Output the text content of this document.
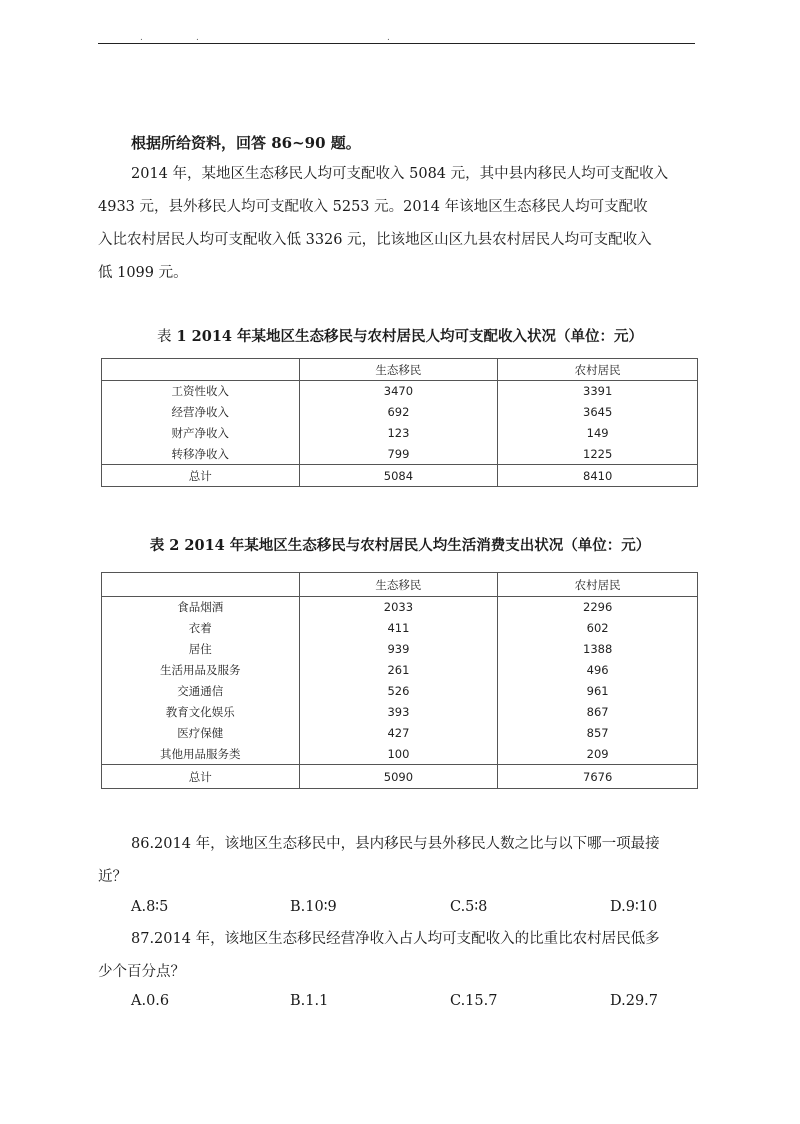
.	.	.
根据所给资料，回答 86~90 题。

2014 年，某地区生态移民人均可支配收入 5084 元，其中县内移民人均可支配收入

4933 元，县外移民人均可支配收入 5253 元。2014 年该地区生态移民人均可支配收

入比农村居民人均可支配收入低 3326 元，比该地区山区九县农村居民人均可支配收入

低 1099 元。

表 1 2014 年某地区生态移民与农村居民人均可支配收入状况（单位：元）
	生态移民	农村居民
工资性收入	3470	3391
经营净收入	692	3645
财产净收入	123	149
转移净收入	799	1225
总计	5084	8410
表 2 2014 年某地区生态移民与农村居民人均生活消费支出状况（单位：元）
	生态移民	农村居民
食品烟酒	2033	2296
衣着	411	602
居住	939	1388
生活用品及服务	261	496
交通通信	526	961
教育文化娱乐	393	867
医疗保健	427	857
其他用品服务类	100	209
总计	5090	7676

86.2014 年，该地区生态移民中，县内移民与县外移民人数之比与以下哪一项最接

近？

A.8∶5	B.10∶9	C.5∶8	D.9∶10

87.2014 年，该地区生态移民经营净收入占人均可支配收入的比重比农村居民低多

少个百分点？

A.0.6	B.1.1	C.15.7	D.29.7
